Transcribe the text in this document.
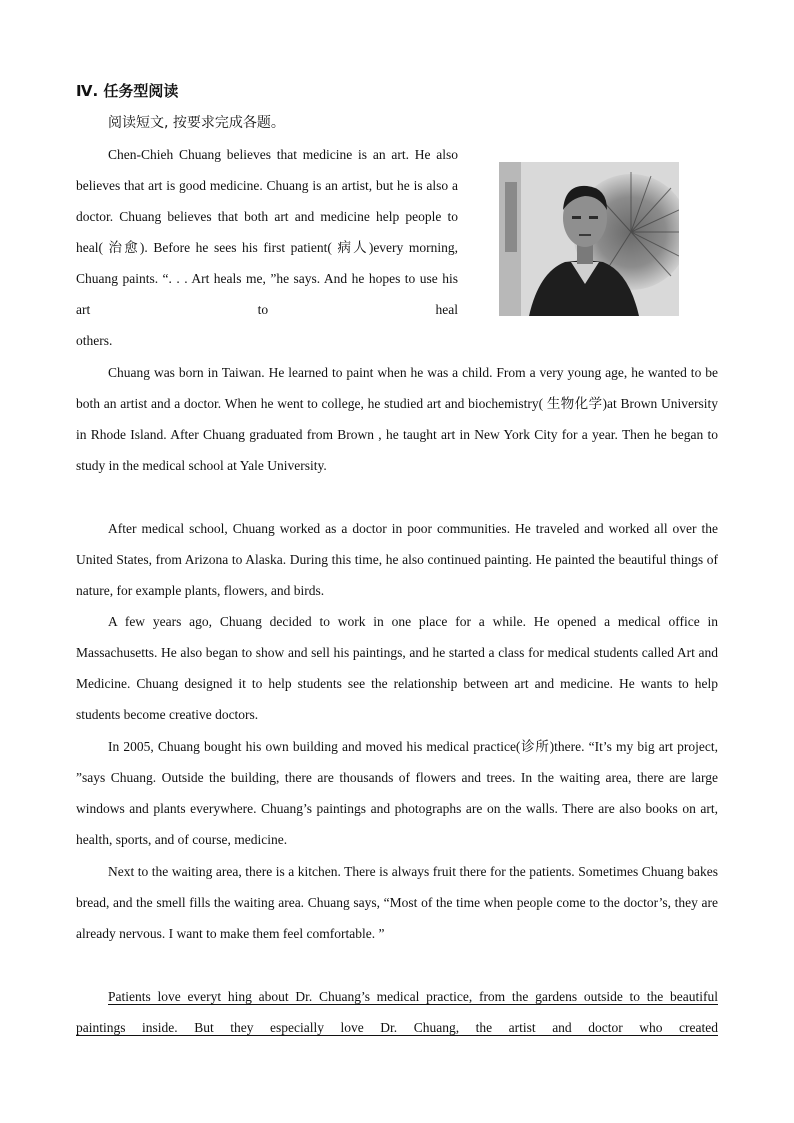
Ⅳ. 任务型阅读
阅读短文, 按要求完成各题。

Chen-Chieh Chuang believes that medicine is an art. He also believes that art is good medicine. Chuang is an artist, but he is also a doctor. Chuang believes that both art and medicine help people to heal( 治愈). Before he sees his first patient( 病人)every morning, Chuang paints. “. . . Art heals me, ”he says. And he hopes to use his art to heal

others.

Chuang was born in Taiwan. He learned to paint when he was a child. From a very young age, he wanted to be both an artist and a doctor. When he went to college, he studied art and biochemistry( 生物化学)at Brown University in Rhode Island. After Chuang graduated from Brown , he taught art in New York City for a year. Then he began to study in the medical school at Yale University.

After medical school, Chuang worked as a doctor in poor communities. He traveled and worked all over the United States, from Arizona to Alaska. During this time, he also continued painting. He painted the beautiful things of nature, for example plants, flowers, and birds.

A few years ago, Chuang decided to work in one place for a while. He opened a medical office in Massachusetts. He also began to show and sell his paintings, and he started a class for medical students called Art and Medicine. Chuang designed it to help students see the relationship between art and medicine. He wants to help students become creative doctors.

In 2005, Chuang bought his own building and moved his medical practice(诊所)there. “It’s my big art project, ”says Chuang. Outside the building, there are thousands of flowers and trees. In the waiting area, there are large windows and plants everywhere. Chuang’s paintings and photographs are on the walls. There are also books on art, health, sports, and of course, medicine.

Next to the waiting area, there is a kitchen. There is always fruit there for the patients. Sometimes Chuang bakes bread, and the smell fills the waiting area. Chuang says, “Most of the time when people come to the doctor’s, they are already nervous. I want to make them feel comfortable. ”

Patients love everyt hing about Dr. Chuang’s medical practice, from the gardens outside to the beautiful paintings inside. But they especially love Dr. Chuang, the artist and doctor who created
